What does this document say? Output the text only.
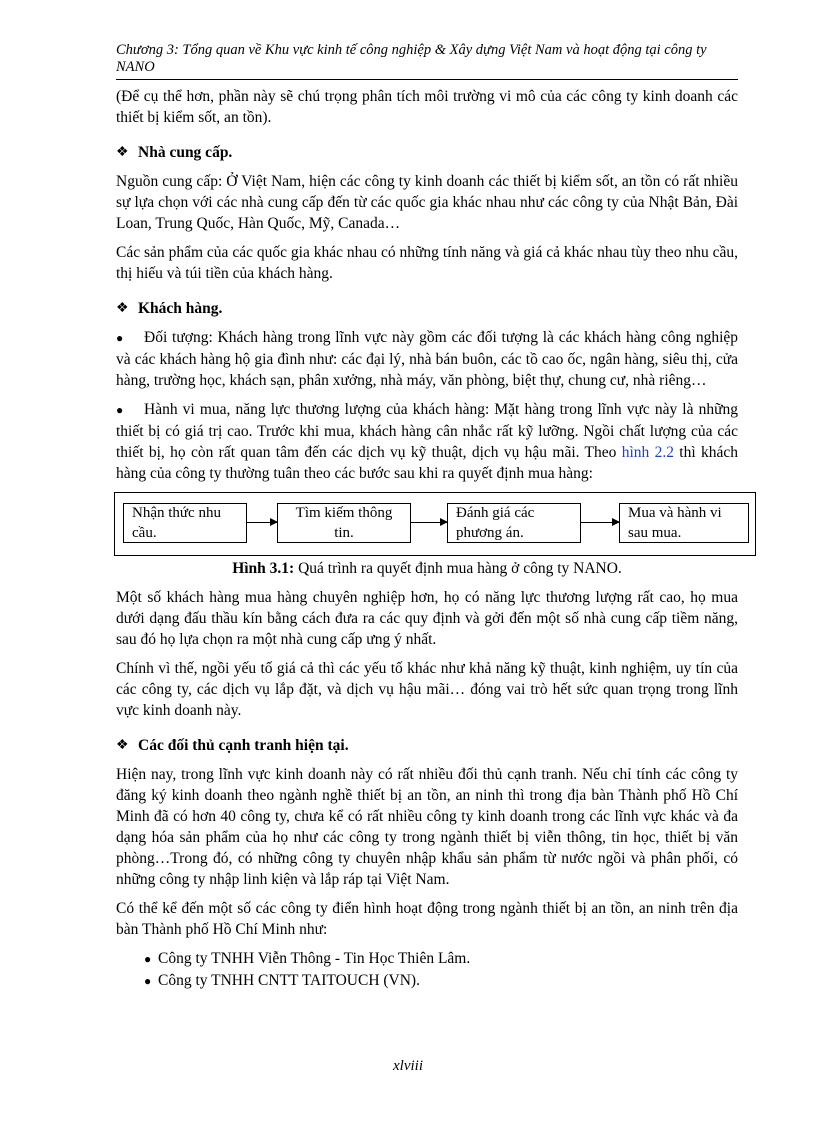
Chương 3: Tổng quan về Khu vực kinh tế công nghiệp & Xây dựng Việt Nam và hoạt động tại công ty NANO

(Để cụ thể hơn, phần này sẽ chú trọng phân tích môi trường vi mô của các công ty kinh doanh các thiết bị kiểm sốt, an tồn).

❖ Nhà cung cấp.

Nguồn cung cấp: Ở Việt Nam, hiện các công ty kinh doanh các thiết bị kiểm sốt, an tồn có rất nhiều sự lựa chọn với các nhà cung cấp đến từ các quốc gia khác nhau như các công ty của Nhật Bản, Đài Loan, Trung Quốc, Hàn Quốc, Mỹ, Canada…

Các sản phẩm của các quốc gia khác nhau có những tính năng và giá cả khác nhau tùy theo nhu cầu, thị hiếu và túi tiền của khách hàng.

❖ Khách hàng.

● Đối tượng: Khách hàng trong lĩnh vực này gồm các đối tượng là các khách hàng công nghiệp và các khách hàng hộ gia đình như: các đại lý, nhà bán buôn, các tồ cao ốc, ngân hàng, siêu thị, cửa hàng, trường học, khách sạn, phân xưởng, nhà máy, văn phòng, biệt thự, chung cư, nhà riêng…

● Hành vi mua, năng lực thương lượng của khách hàng: Mặt hàng trong lĩnh vực này là những thiết bị có giá trị cao. Trước khi mua, khách hàng cân nhắc rất kỹ lưỡng. Ngồi chất lượng của các thiết bị, họ còn rất quan tâm đến các dịch vụ kỹ thuật, dịch vụ hậu mãi. Theo hình 2.2 thì khách hàng của công ty thường tuân theo các bước sau khi ra quyết định mua hàng:

Nhận thức nhu cầu.
Tìm kiếm thông tin.
Đánh giá các phương án.
Mua và hành vi sau mua.
Hình 3.1: Quá trình ra quyết định mua hàng ở công ty NANO.

Một số khách hàng mua hàng chuyên nghiệp hơn, họ có năng lực thương lượng rất cao, họ mua dưới dạng đấu thầu kín bằng cách đưa ra các quy định và gởi đến một số nhà cung cấp tiềm năng, sau đó họ lựa chọn ra một nhà cung cấp ưng ý nhất.

Chính vì thế, ngồi yếu tố giá cả thì các yếu tố khác như khả năng kỹ thuật, kinh nghiệm, uy tín của các công ty, các dịch vụ lắp đặt, và dịch vụ hậu mãi… đóng vai trò hết sức quan trọng trong lĩnh vực kinh doanh này.

❖ Các đối thủ cạnh tranh hiện tại.

Hiện nay, trong lĩnh vực kinh doanh này có rất nhiều đối thủ cạnh tranh. Nếu chỉ tính các công ty đăng ký kinh doanh theo ngành nghề thiết bị an tồn, an ninh thì trong địa bàn Thành phố Hồ Chí Minh đã có hơn 40 công ty, chưa kể có rất nhiều công ty kinh doanh trong các lĩnh vực khác và đa dạng hóa sản phẩm của họ như các công ty trong ngành thiết bị viễn thông, tin học, thiết bị văn phòng…Trong đó, có những công ty chuyên nhập khẩu sản phẩm từ nước ngồi và phân phối, có những công ty nhập linh kiện và lắp ráp tại Việt Nam.

Có thể kể đến một số các công ty điển hình hoạt động trong ngành thiết bị an tồn, an ninh trên địa bàn Thành phố Hồ Chí Minh như:

● Công ty TNHH Viễn Thông - Tin Học Thiên Lâm.
● Công ty TNHH CNTT TAITOUCH (VN).
xlviii
